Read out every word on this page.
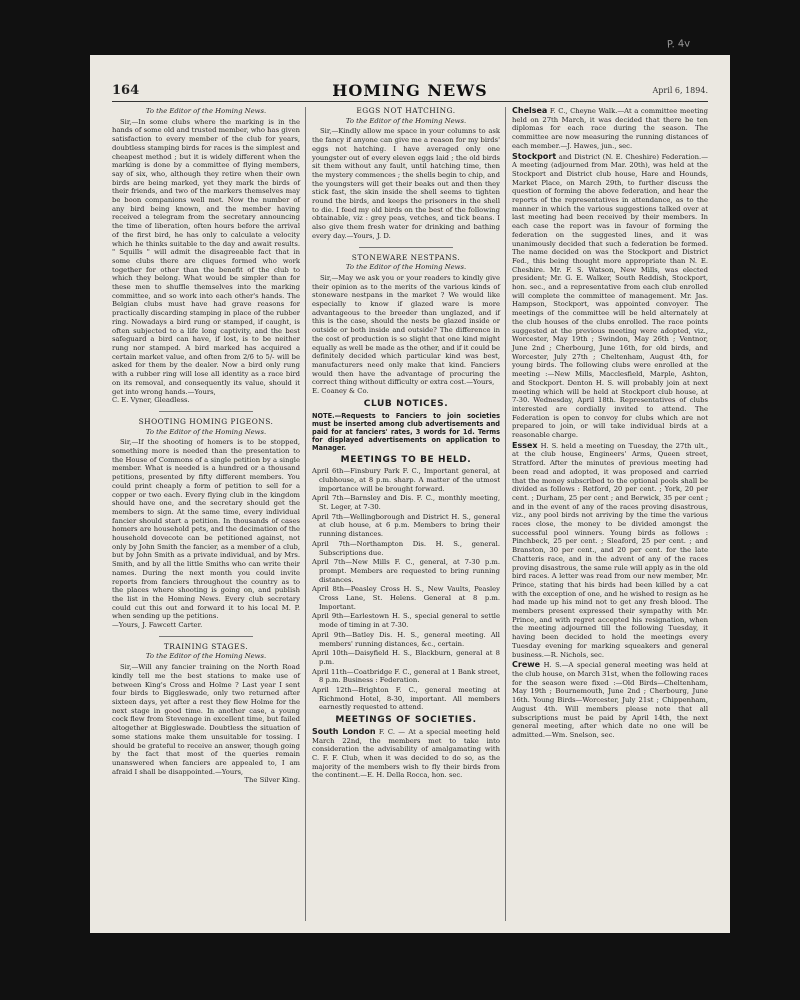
P. 4v
164	HOMING NEWS	April 6, 1894.
To the Editor of the Homing News.

Sir,—In some clubs where the marking is in the hands of some old and trusted member, who has given satisfaction to every member of the club for years, doubtless stamping birds for races is the simplest and cheapest method ; but it is widely different when the marking is done by a committee of flying members, say of six, who, although they retire when their own birds are being marked, yet they mark the birds of their friends, and two of the markers themselves may be boon companions well met. Now the number of any bird being known, and the member having received a telegram from the secretary announcing the time of liberation, often hours before the arrival of the first bird, he has only to calculate a velocity which he thinks suitable to the day and await results. " Squills " will admit the disagreeable fact that in some clubs there are cliques formed who work together for other than the benefit of the club to which they belong. What would be simpler than for these men to shuffle themselves into the marking committee, and so work into each other's hands. The Belgian clubs must have had grave reasons for practically discarding stamping in place of the rubber ring. Nowadays a bird rung or stamped, if caught, is often subjected to a life long captivity, and the best safeguard a bird can have, if lost, is to be neither rung nor stamped. A bird marked has acquired a certain market value, and often from 2/6 to 5/- will be asked for them by the dealer. Now a bird only rung with a rubber ring will lose all identity as a race bird on its removal, and consequently its value, should it get into wrong hands.—Yours,

C. E. Vyner, Gleadless.
SHOOTING HOMING PIGEONS.
To the Editor of the Homing News.

Sir,—If the shooting of homers is to be stopped, something more is needed than the presentation to the House of Commons of a single petition by a single member. What is needed is a hundred or a thousand petitions, presented by fifty different members. You could print cheaply a form of petition to sell for a copper or two each. Every flying club in the kingdom should have one, and the secretary should get the members to sign. At the same time, every individual fancier should start a petition. In thousands of cases homers are household pets, and the decimation of the household dovecote can be petitioned against, not only by John Smith the fancier, as a member of a club, but by John Smith as a private individual, and by Mrs. Smith, and by all the little Smiths who can write their names. During the next month you could invite reports from fanciers throughout the country as to the places where shooting is going on, and publish the list in the Homing News. Every club secretary could cut this out and forward it to his local M. P. when sending up the petitions.

—Yours, J. Fawcett Carter.
TRAINING STAGES.
To the Editor of the Homing News.

Sir,—Will any fancier training on the North Road kindly tell me the best stations to make use of between King's Cross and Holme ? Last year I sent four birds to Biggleswade, only two returned after sixteen days, yet after a rest they flew Holme for the next stage in good time. In another case, a young cock flew from Stevenage in excellent time, but failed altogether at Biggleswade. Doubtless the situation of some stations make them unsuitable for tossing. I should be grateful to receive an answer, though going by the fact that most of the queries remain unanswered when fanciers are appealed to, I am afraid I shall be disappointed.—Yours,

The Silver King.
EGGS NOT HATCHING.
To the Editor of the Homing News.

Sir,—Kindly allow me space in your columns to ask the fancy if anyone can give me a reason for my birds' eggs not hatching. I have averaged only one youngster out of every eleven eggs laid ; the old birds sit them without any fault, until hatching time, then the mystery commences ; the shells begin to chip, and the youngsters will get their beaks out and then they stick fast, the skin inside the shell seems to tighten round the birds, and keeps the prisoners in the shell to die. I feed my old birds on the best of the following obtainable, viz : grey peas, vetches, and tick beans. I also give them fresh water for drinking and bathing every day.—Yours, J. D.

STONEWARE NESTPANS.
To the Editor of the Homing News.

Sir,—May we ask you or your readers to kindly give their opinion as to the merits of the various kinds of stoneware nestpans in the market ? We would like especially to know if glazed ware is more advantageous to the breeder than unglazed, and if this is the case, should the nests be glazed inside or outside or both inside and outside? The difference in the cost of production is so slight that one kind might equally as well be made as the other, and if it could be definitely decided which particular kind was best, manufacturers need only make that kind. Fanciers would then have the advantage of procuring the correct thing without difficulty or extra cost.—Yours,

E. Coaney & Co.
CLUB NOTICES.
NOTE.—Requests to Fanciers to join societies must be inserted among club advertisements and paid for at fanciers' rates, 3 words for 1d. Terms for displayed advertisements on application to Manager.
MEETINGS TO BE HELD.
April 6th—Finsbury Park F. C., Important general, at clubhouse, at 8 p.m. sharp. A matter of the utmost importance will be brought forward.
April 7th—Barnsley and Dis. F. C., monthly meeting, St. Leger, at 7-30.
April 7th—Wellingborough and District H. S., general at club house, at 6 p.m. Members to bring their running distances.
April 7th—Northampton Dis. H. S., general. Subscriptions due.
April 7th—New Mills F. C., general, at 7-30 p.m. prompt. Members are requested to bring running distances.
April 8th—Peasley Cross H. S., New Vaults, Peasley Cross Lane, St. Helens. General at 8 p.m. Important.
April 9th—Earlestown H. S., special general to settle mode of timing in at 7-30.
April 9th—Batley Dis. H. S., general meeting. All members' running distances, &c., certain.
April 10th—Daisyfield H. S., Blackburn, general at 8 p.m.
April 11th—Coatbridge F. C., general at 1 Bank street, 8 p.m. Business : Federation.
April 12th—Brighton F. C., general meeting at Richmond Hotel, 8-30, important. All members earnestly requested to attend.
MEETINGS OF SOCIETIES.

South London F. C. — At a special meeting held March 22nd, the members met to take into consideration the advisability of amalgamating with C. F. F. Club, when it was decided to do so, as the majority of the members wish to fly their birds from the continent.—E. H. Della Rocca, hon. sec.

Chelsea F. C., Cheyne Walk.—At a committee meeting held on 27th March, it was decided that there be ten diplomas for each race during the season. The committee are now measuring the running distances of each member.—J. Hawes, jun., sec.

Stockport and District (N. E. Cheshire) Federation.—A meeting (adjourned from Mar. 20th), was held at the Stockport and District club house, Hare and Hounds, Market Place, on March 29th, to further discuss the question of forming the above federation, and hear the reports of the representatives in attendance, as to the manner in which the various suggestions talked over at last meeting had been received by their members. In each case the report was in favour of forming the federation on the suggested lines, and it was unanimously decided that such a federation be formed. The name decided on was the Stockport and District Fed., this being thought more appropriate than N. E. Cheshire. Mr. F. S. Watson, New Mills, was elected president; Mr. G. E. Walker, South Reddish, Stockport, hon. sec., and a representative from each club enrolled will complete the committee of management. Mr. Jas. Hampson, Stockport, was appointed convoyer. The meetings of the committee will be held alternately at the club houses of the clubs enrolled. The race points suggested at the previous meeting were adopted, viz., Worcester, May 19th ; Swindon, May 26th ; Ventnor, June 2nd ; Cherbourg, June 16th, for old birds, and Worcester, July 27th ; Cheltenham, August 4th, for young birds. The following clubs were enrolled at the meeting :—New Mills, Macclesfield, Marple, Ashton, and Stockport. Denton H. S. will probably join at next meeting which will be held at Stockport club house, at 7-30. Wednesday, April 18th. Representatives of clubs interested are cordially invited to attend. The Federation is open to convoy for clubs which are not prepared to join, or will take individual birds at a reasonable charge.

Essex H. S. held a meeting on Tuesday, the 27th ult., at the club house, Engineers' Arms, Queen street, Stratford. After the minutes of previous meeting had been read and adopted, it was proposed and carried that the money subscribed to the optional pools shall be divided as follows : Retford, 20 per cent. ; York, 20 per cent. ; Durham, 25 per cent ; and Berwick, 35 per cent ; and in the event of any of the races proving disastrous, viz., any pool birds not arriving by the time the various races close, the money to be divided amongst the successful pool winners. Young birds as follows : Pinchbeck, 25 per cent. ; Sleaford, 25 per cent. ; and Branston, 30 per cent., and 20 per cent. for the late Chatteris race, and in the advent of any of the races proving disastrous, the same rule will apply as in the old bird races. A letter was read from our new member, Mr. Prince, stating that his birds had been killed by a cat with the exception of one, and he wished to resign as he had made up his mind not to get any fresh blood. The members present expressed their sympathy with Mr. Prince, and with regret accepted his resignation, when the meeting adjourned till the following Tuesday, it having been decided to hold the meetings every Tuesday evening for marking squeakers and general business.—R. Nichols, sec.

Crewe H. S.—A special general meeting was held at the club house, on March 31st, when the following races for the season were fixed :—Old Birds—Cheltenham, May 19th ; Bournemouth, June 2nd ; Cherbourg, June 16th. Young Birds—Worcester, July 21st ; Chippenham, August 4th. Will members please note that all subscriptions must be paid by April 14th, the next general meeting, after which date no one will be admitted.—Wm. Snelson, sec.
